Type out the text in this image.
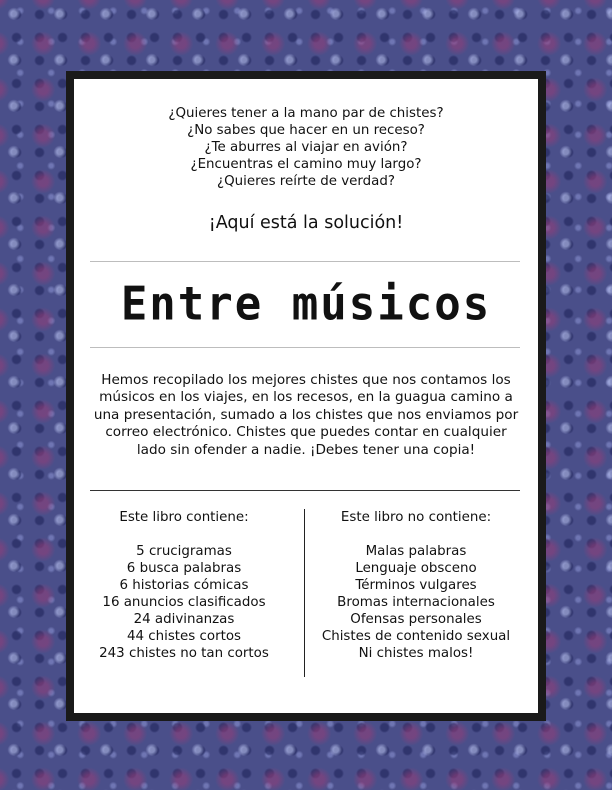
¿Quieres tener a la mano par de chistes?
¿No sabes que hacer en un receso?
¿Te aburres al viajar en avión?
¿Encuentras el camino muy largo?
¿Quieres reírte de verdad?
¡Aquí está la solución!
Entre músicos
Hemos recopilado los mejores chistes que nos contamos los músicos en los viajes, en los recesos, en la guagua camino a una presentación, sumado a los chistes que nos enviamos por correo electrónico. Chistes que puedes contar en cualquier lado sin ofender a nadie. ¡Debes tener una copia!
Este libro contiene:
5 crucigramas
6 busca palabras
6 historias cómicas
16 anuncios clasificados
24 adivinanzas
44 chistes cortos
243 chistes no tan cortos
Este libro no contiene:
Malas palabras
Lenguaje obsceno
Términos vulgares
Bromas internacionales
Ofensas personales
Chistes de contenido sexual
Ni chistes malos!
